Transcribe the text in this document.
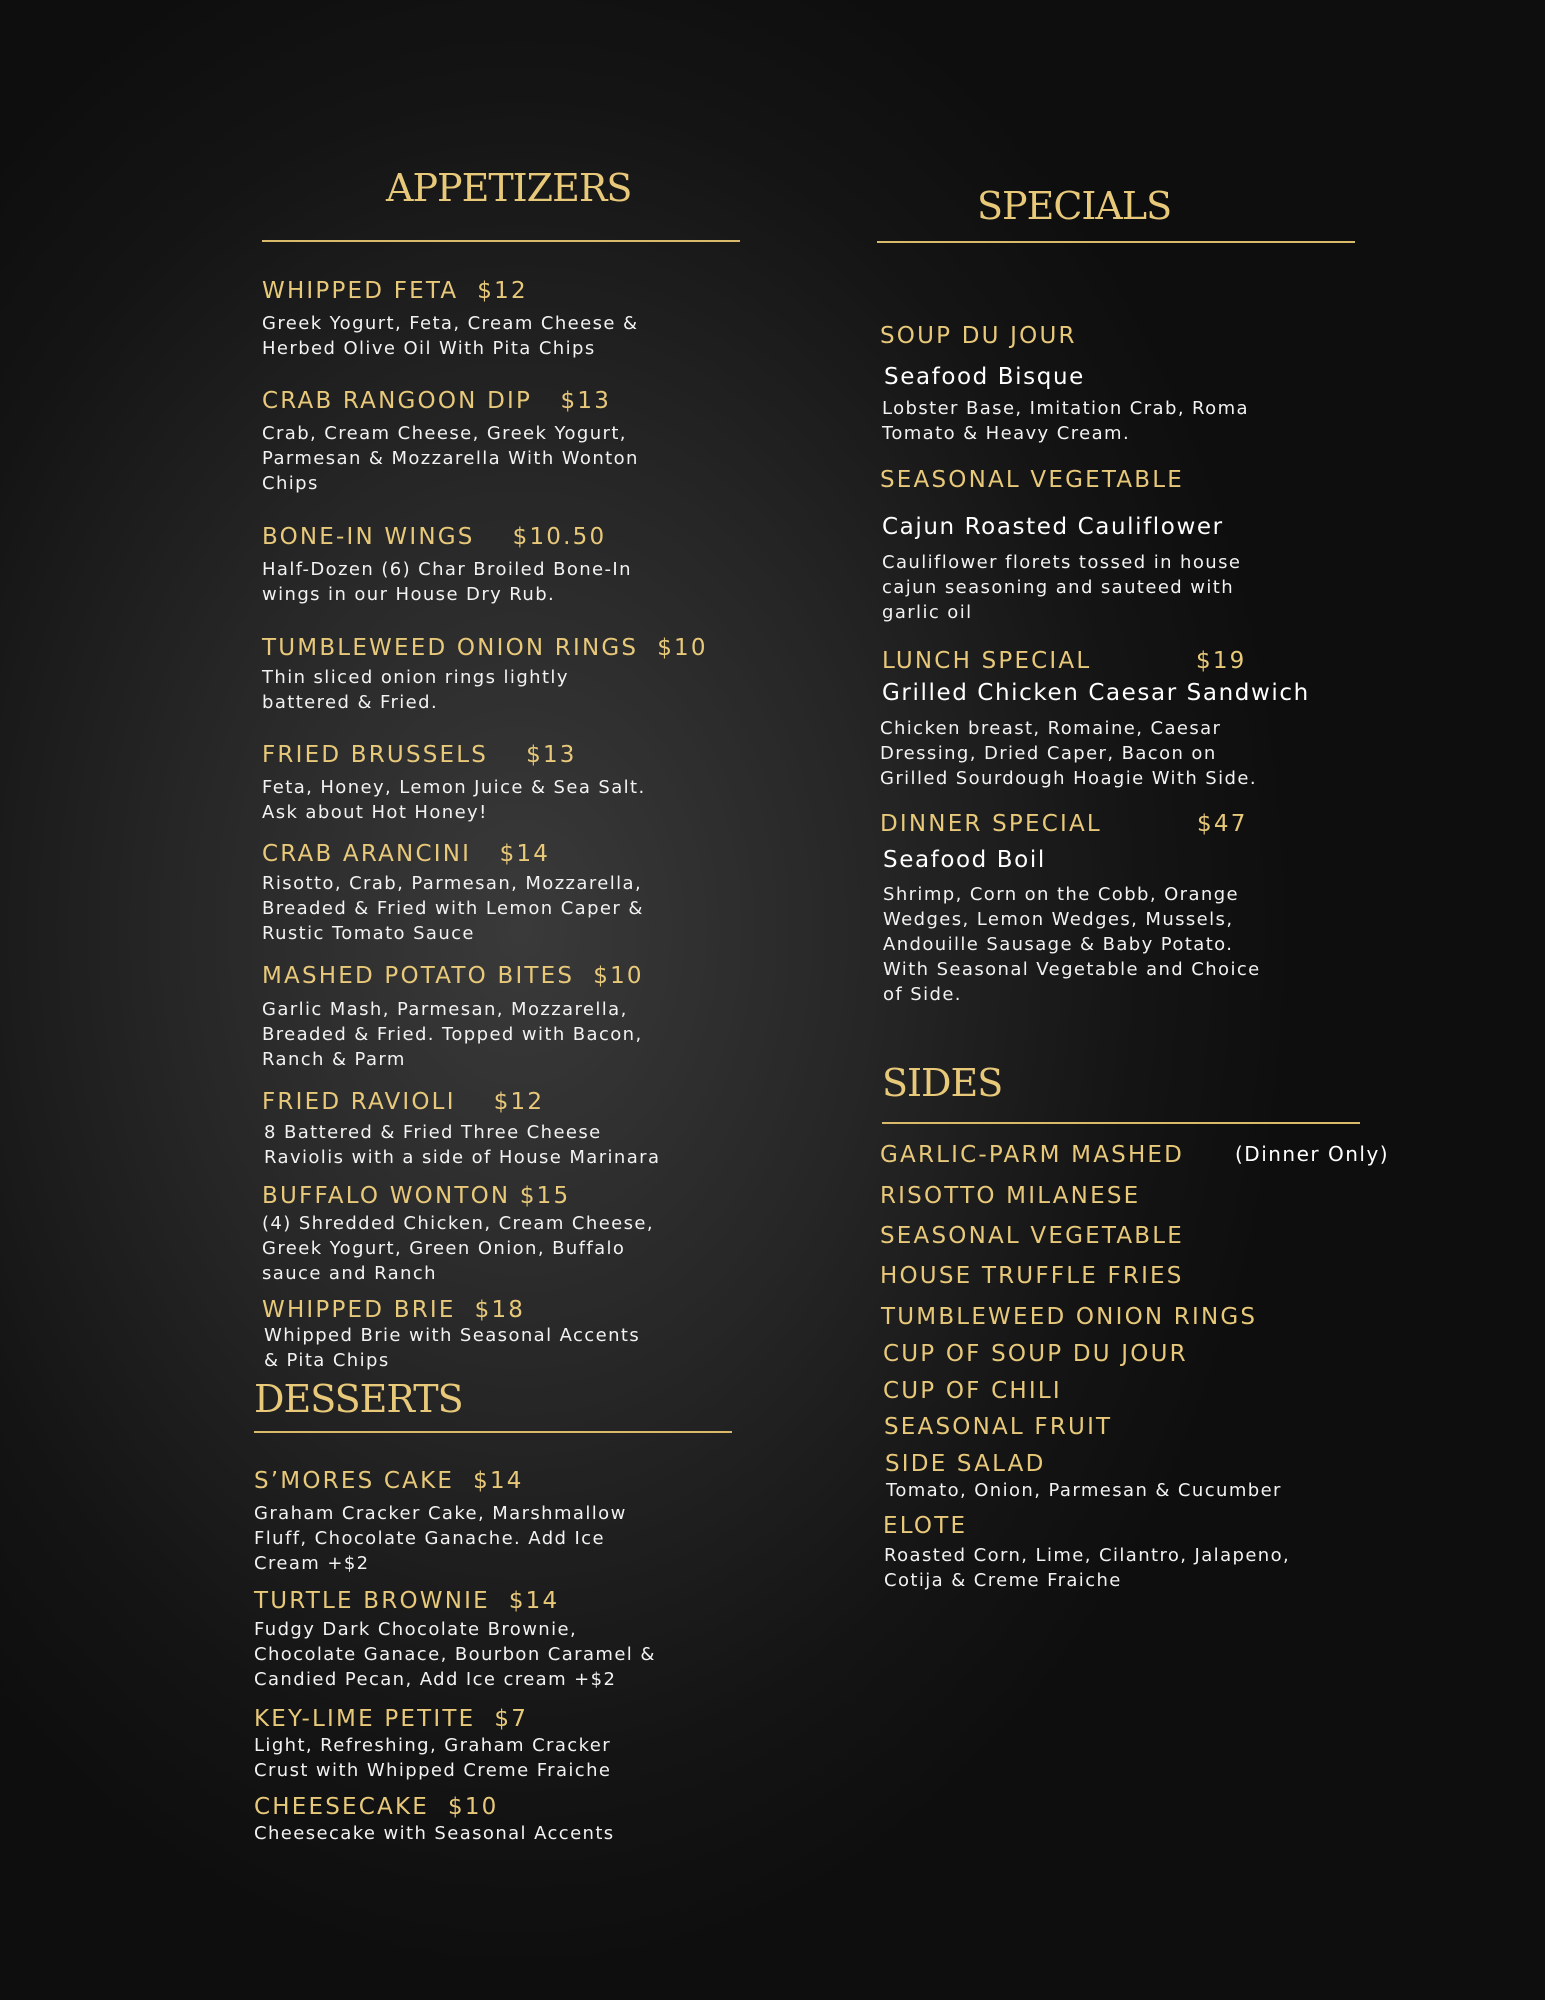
APPETIZERS
WHIPPED FETA  $12
Greek Yogurt, Feta, Cream Cheese &
Herbed Olive Oil With Pita Chips
CRAB RANGOON DIP   $13
Crab, Cream Cheese, Greek Yogurt,
Parmesan & Mozzarella With Wonton
Chips
BONE-IN WINGS    $10.50
Half-Dozen (6) Char Broiled Bone-In
wings in our House Dry Rub.
TUMBLEWEED ONION RINGS  $10
Thin sliced onion rings lightly
battered & Fried.
FRIED BRUSSELS    $13
Feta, Honey, Lemon Juice & Sea Salt.
Ask about Hot Honey!
CRAB ARANCINI   $14
Risotto, Crab, Parmesan, Mozzarella,
Breaded & Fried with Lemon Caper &
Rustic Tomato Sauce
MASHED POTATO BITES  $10
Garlic Mash, Parmesan, Mozzarella,
Breaded & Fried. Topped with Bacon,
Ranch & Parm
FRIED RAVIOLI    $12
8 Battered & Fried Three Cheese
Raviolis with a side of House Marinara
BUFFALO WONTON $15
(4) Shredded Chicken, Cream Cheese,
Greek Yogurt, Green Onion, Buffalo
sauce and Ranch
WHIPPED BRIE  $18
Whipped Brie with Seasonal Accents
& Pita Chips
DESSERTS
S’MORES CAKE  $14
Graham Cracker Cake, Marshmallow
Fluff, Chocolate Ganache. Add Ice
Cream +$2
TURTLE BROWNIE  $14
Fudgy Dark Chocolate Brownie,
Chocolate Ganace, Bourbon Caramel &
Candied Pecan, Add Ice cream +$2
KEY-LIME PETITE  $7
Light, Refreshing, Graham Cracker
Crust with Whipped Creme Fraiche
CHEESECAKE  $10
Cheesecake with Seasonal Accents
SPECIALS
SOUP DU JOUR
Seafood Bisque
Lobster Base, Imitation Crab, Roma
Tomato & Heavy Cream.
SEASONAL VEGETABLE
Cajun Roasted Cauliflower
Cauliflower florets tossed in house
cajun seasoning and sauteed with
garlic oil
LUNCH SPECIAL           $19
Grilled Chicken Caesar Sandwich
Chicken breast, Romaine, Caesar
Dressing, Dried Caper, Bacon on
Grilled Sourdough Hoagie With Side.
DINNER SPECIAL          $47
Seafood Boil
Shrimp, Corn on the Cobb, Orange
Wedges, Lemon Wedges, Mussels,
Andouille Sausage & Baby Potato.
With Seasonal Vegetable and Choice
of Side.
SIDES
GARLIC-PARM MASHED	(Dinner Only)
RISOTTO MILANESE
SEASONAL VEGETABLE
HOUSE TRUFFLE FRIES
TUMBLEWEED ONION RINGS
CUP OF SOUP DU JOUR
CUP OF CHILI
SEASONAL FRUIT
SIDE SALAD
Tomato, Onion, Parmesan & Cucumber
ELOTE
Roasted Corn, Lime, Cilantro, Jalapeno,
Cotija & Creme Fraiche
